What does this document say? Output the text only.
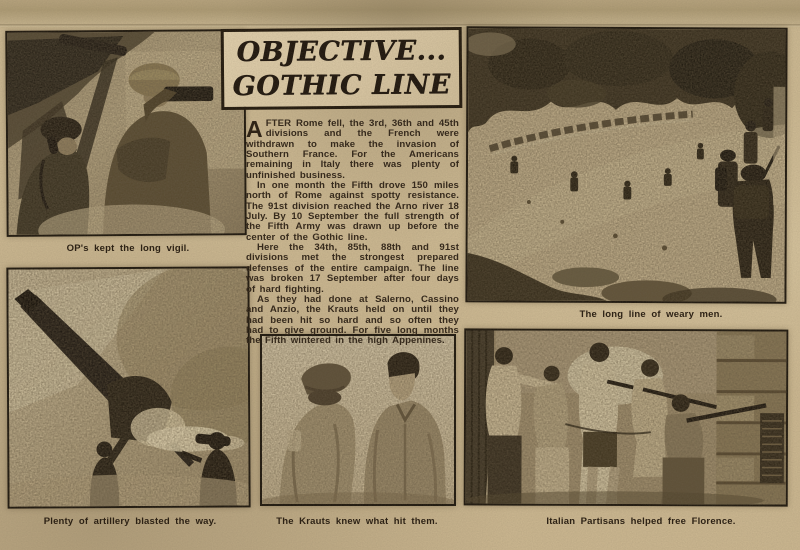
OBJECTIVE...
GOTHIC LINE

AFTER Rome fell, the 3rd, 36th and 45th divisions and the French were withdrawn to make the invasion of Southern France. For the Americans remaining in Italy there was plenty of unfinished business.

In one month the Fifth drove 150 miles north of Rome against spotty resistance. The 91st division reached the Arno river 18 July. By 10 September the full strength of the Fifth Army was drawn up before the center of the Gothic line.

Here the 34th, 85th, 88th and 91st divisions met the strongest prepared defenses of the entire campaign. The line was broken 17 September after four days of hard fighting.

As they had done at Salerno, Cassino and Anzio, the Krauts held on until they had been hit so hard and so often they had to give ground. For five long months the Fifth wintered in the high Appenines.

OP's kept the long vigil.
The long line of weary men.
Plenty of artillery blasted the way.	The Krauts knew what hit them.	Italian Partisans helped free Florence.
